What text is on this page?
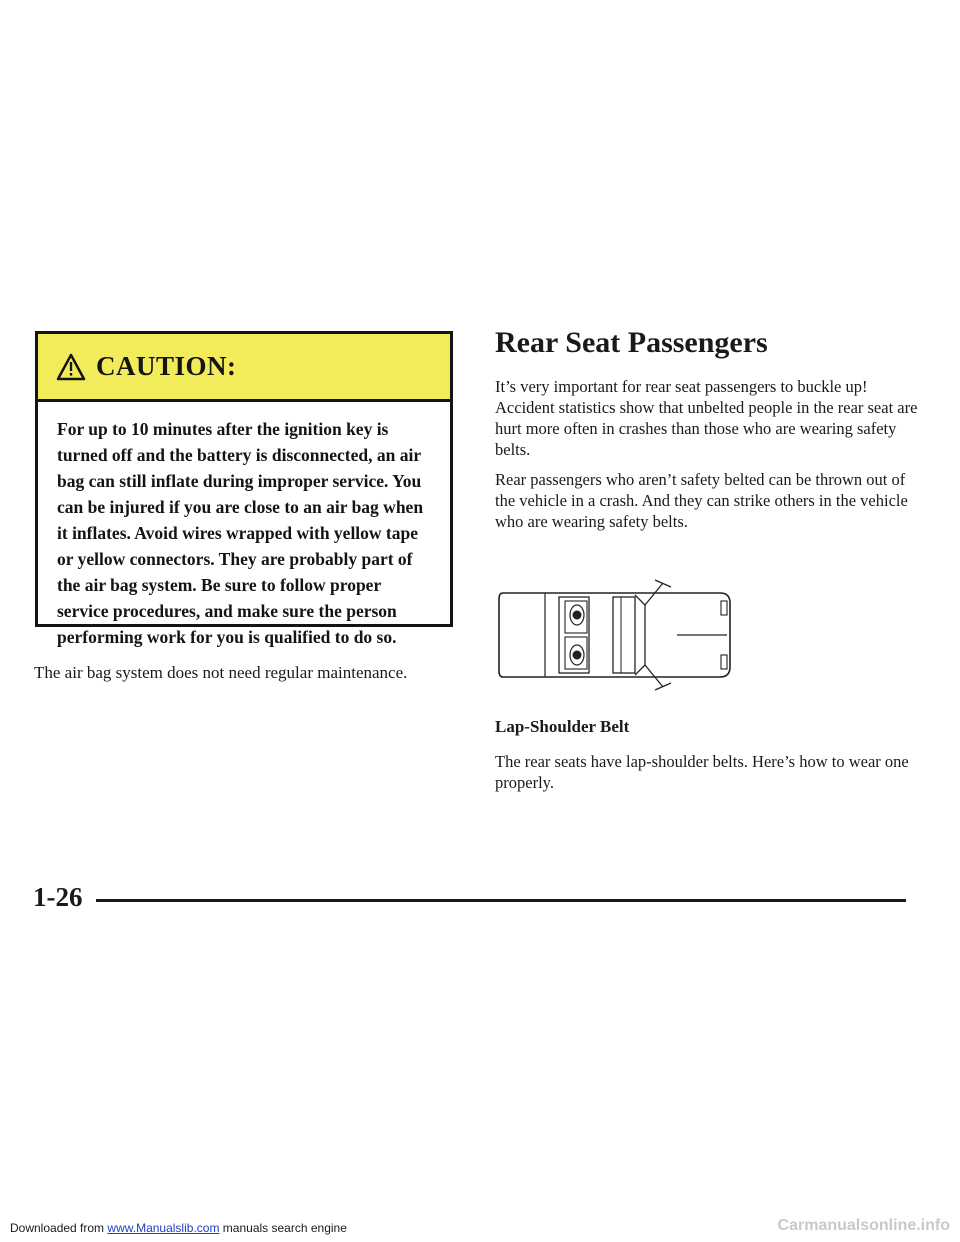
CAUTION:
For up to 10 minutes after the ignition key is turned off and the battery is disconnected, an air bag can still inflate during improper service. You can be injured if you are close to an air bag when it inflates. Avoid wires wrapped with yellow tape or yellow connectors. They are probably part of the air bag system. Be sure to follow proper service procedures, and make sure the person performing work for you is qualified to do so.

The air bag system does not need regular maintenance.

Rear Seat Passengers

It’s very important for rear seat passengers to buckle up! Accident statistics show that unbelted people in the rear seat are hurt more often in crashes than those who are wearing safety belts.

Rear passengers who aren’t safety belted can be thrown out of the vehicle in a crash. And they can strike others in the vehicle who are wearing safety belts.

Lap-Shoulder Belt

The rear seats have lap-shoulder belts. Here’s how to wear one properly.

1-26

Downloaded from www.Manualslib.com manuals search engine	Carmanualsonline.info
